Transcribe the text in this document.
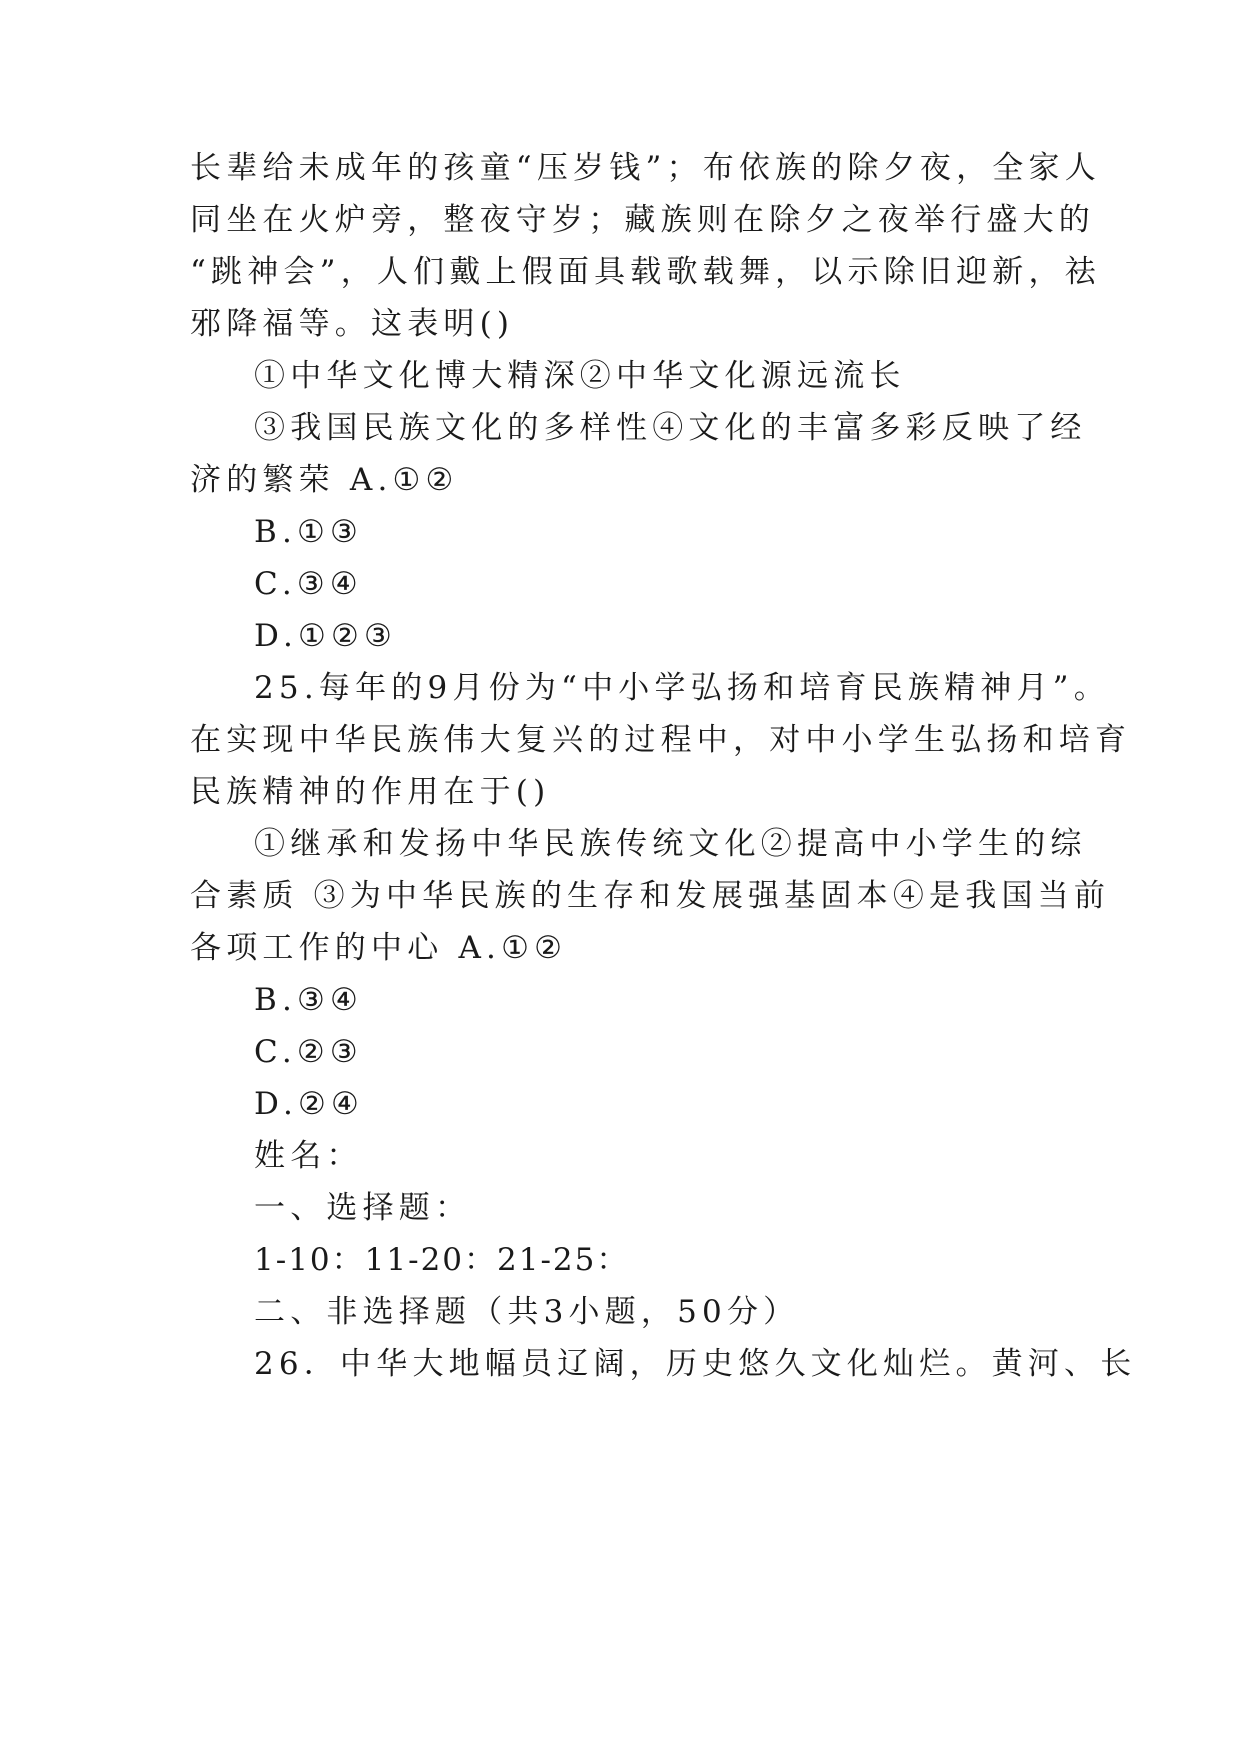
长辈给未成年的孩童“压岁钱”；布依族的除夕夜，全家人
同坐在火炉旁，整夜守岁；藏族则在除夕之夜举行盛大的
“跳神会”，人们戴上假面具载歌载舞，以示除旧迎新，祛
邪降福等。这表明()
①中华文化博大精深②中华文化源远流长
③我国民族文化的多样性④文化的丰富多彩反映了经
济的繁荣 A.①②
B.①③
C.③④
D.①②③
25.每年的9月份为“中小学弘扬和培育民族精神月”。
在实现中华民族伟大复兴的过程中，对中小学生弘扬和培育
民族精神的作用在于()
①继承和发扬中华民族传统文化②提高中小学生的综
合素质 ③为中华民族的生存和发展强基固本④是我国当前
各项工作的中心 A.①②
B.③④
C.②③
D.②④
姓名：
一、选择题：
1-10：11-20：21-25：
二、非选择题（共3小题，50分）
26．中华大地幅员辽阔，历史悠久文化灿烂。黄河、长
